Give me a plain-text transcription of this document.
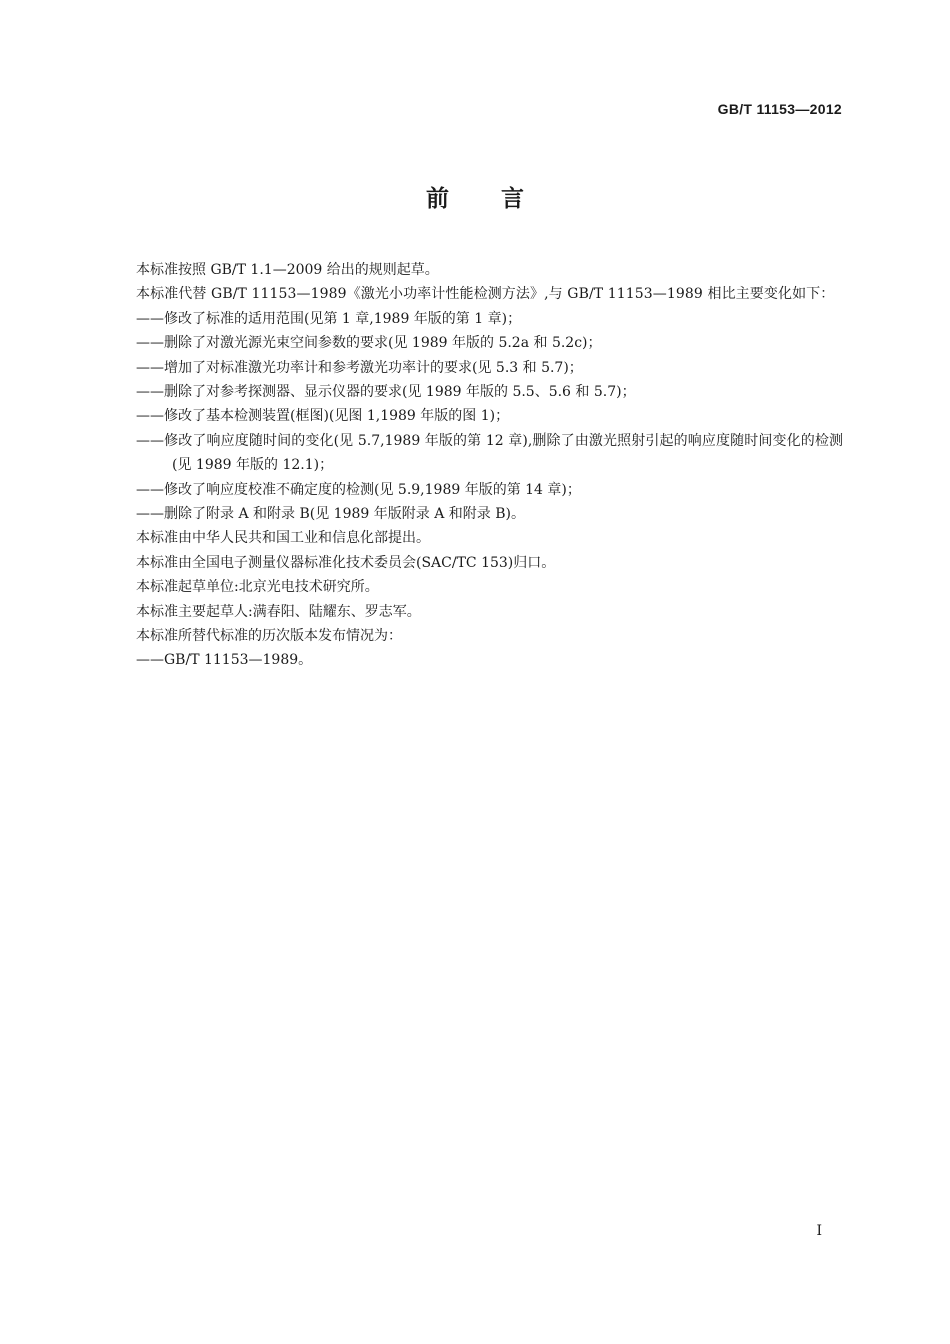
GB/T 11153—2012
前言
本标准按照 GB/T 1.1—2009 给出的规则起草。
本标准代替 GB/T 11153—1989《激光小功率计性能检测方法》,与 GB/T 11153—1989 相比主要变化如下：
——修改了标准的适用范围(见第 1 章,1989 年版的第 1 章)；
——删除了对激光源光束空间参数的要求(见 1989 年版的 5.2a 和 5.2c)；
——增加了对标准激光功率计和参考激光功率计的要求(见 5.3 和 5.7)；
——删除了对参考探测器、显示仪器的要求(见 1989 年版的 5.5、5.6 和 5.7)；
——修改了基本检测装置(框图)(见图 1,1989 年版的图 1)；
——修改了响应度随时间的变化(见 5.7,1989 年版的第 12 章),删除了由激光照射引起的响应度随时间变化的检测(见 1989 年版的 12.1)；
——修改了响应度校准不确定度的检测(见 5.9,1989 年版的第 14 章)；
——删除了附录 A 和附录 B(见 1989 年版附录 A 和附录 B)。
本标准由中华人民共和国工业和信息化部提出。
本标准由全国电子测量仪器标准化技术委员会(SAC/TC 153)归口。
本标准起草单位:北京光电技术研究所。
本标准主要起草人:满春阳、陆耀东、罗志军。
本标准所替代标准的历次版本发布情况为：
——GB/T 11153—1989。
I
